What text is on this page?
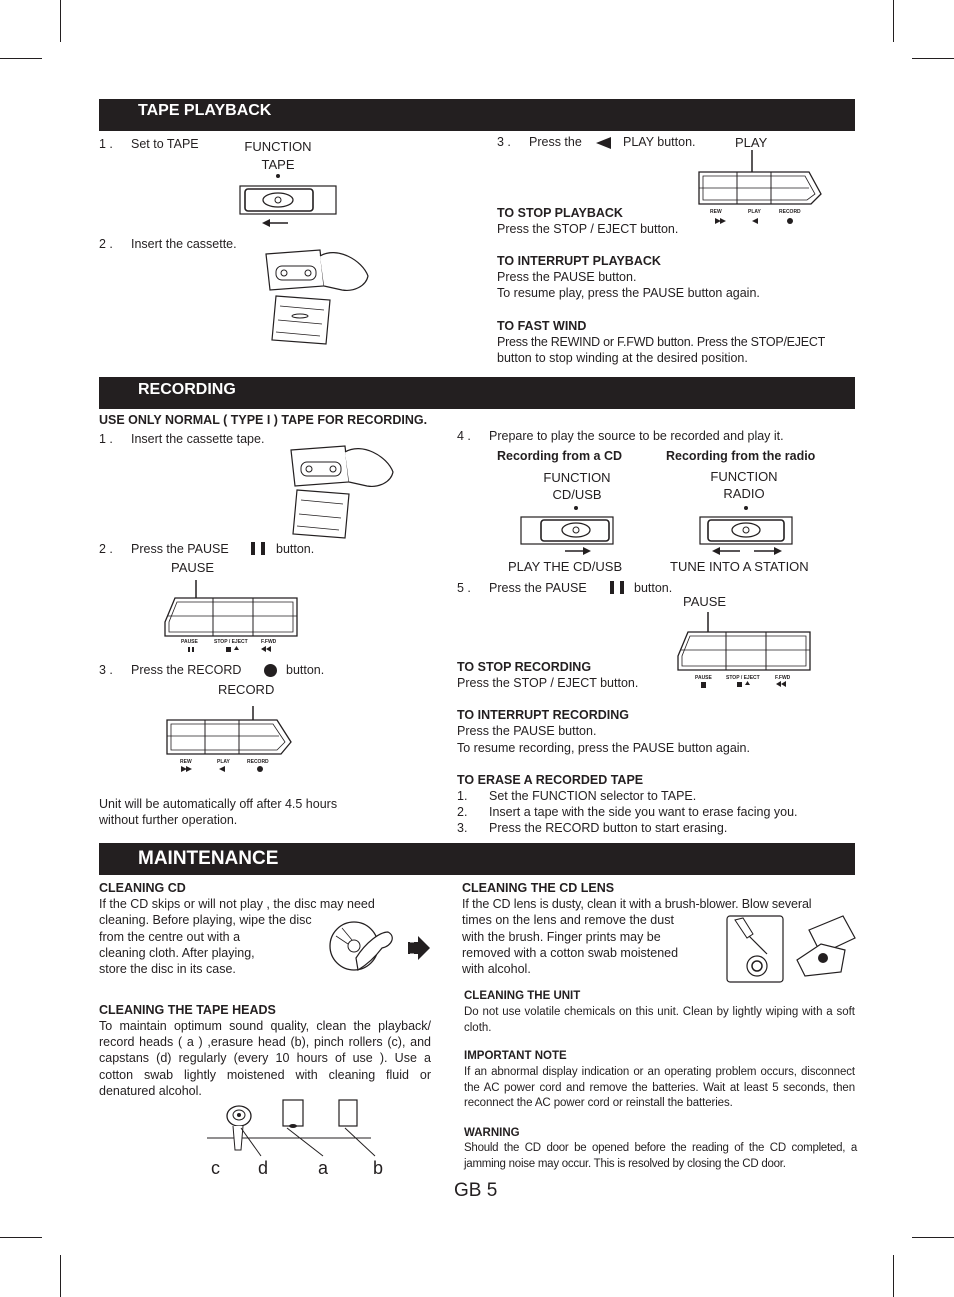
TAPE PLAYBACK
1 . Set to TAPE	FUNCTION
TAPE
2 . Insert the cassette.
3 . Press the	PLAY button.	PLAY
REW	PLAY	RECORD
TO STOP PLAYBACK
Press the STOP / EJECT button.
TO INTERRUPT PLAYBACK
Press the PAUSE button.
To resume play, press the PAUSE button again.
TO FAST WIND
Press the REWIND or F.FWD button. Press the STOP/EJECT
button to stop winding at the desired position.
RECORDING
USE ONLY NORMAL ( TYPE I ) TAPE FOR RECORDING.
1 . Insert the cassette tape.
2 . Press the PAUSE	button.
PAUSE
PAUSE	STOP / EJECT	F.FWD
3 . Press the RECORD	button.
RECORD
REW	PLAY	RECORD
Unit will be automatically off after 4.5 hours
without further operation.
4 . Prepare to play the source to be recorded and play it.
Recording from a CD	Recording from the radio
FUNCTION
CD/USB
PLAY THE CD/USB
FUNCTION
RADIO
TUNE INTO A STATION
5 . Press the PAUSE	button.
PAUSE
PAUSE	STOP / EJECT	F.FWD
TO STOP RECORDING
Press the STOP / EJECT button.
TO INTERRUPT RECORDING
Press the PAUSE button.
To resume recording, press the PAUSE button again.
TO ERASE A RECORDED TAPE
1. Set the FUNCTION selector to TAPE.
2. Insert a tape with the side you want to erase facing you.
3. Press the RECORD button to start erasing.
MAINTENANCE
CLEANING CD
If the CD skips or will not play , the disc may need
cleaning. Before playing, wipe the disc
from the centre out with a
cleaning cloth. After playing,
store the disc in its case.
CLEANING THE TAPE HEADS
To maintain optimum sound quality, clean the playback/ record heads ( a ) ,erasure head (b), pinch rollers (c), and capstans (d) regularly (every 10 hours of use ). Use a cotton swab lightly moistened with cleaning fluid or denatured alcohol.
c d	a b
CLEANING THE CD LENS
If the CD lens is dusty, clean it with a brush-blower. Blow several
times on the lens and remove the dust
with the brush. Finger prints may be
removed with a cotton swab moistened
with alcohol.
CLEANING THE UNIT
Do not use volatile chemicals on this unit. Clean by lightly wiping with a soft cloth.
IMPORTANT NOTE
If an abnormal display indication or an operating problem occurs, disconnect the AC power cord and remove the batteries. Wait at least 5 seconds, then reconnect the AC power cord or reinstall the batteries.
WARNING
Should the CD door be opened before the reading of the CD completed, a jamming noise may occur. This is resolved by closing the CD door.
GB 5
